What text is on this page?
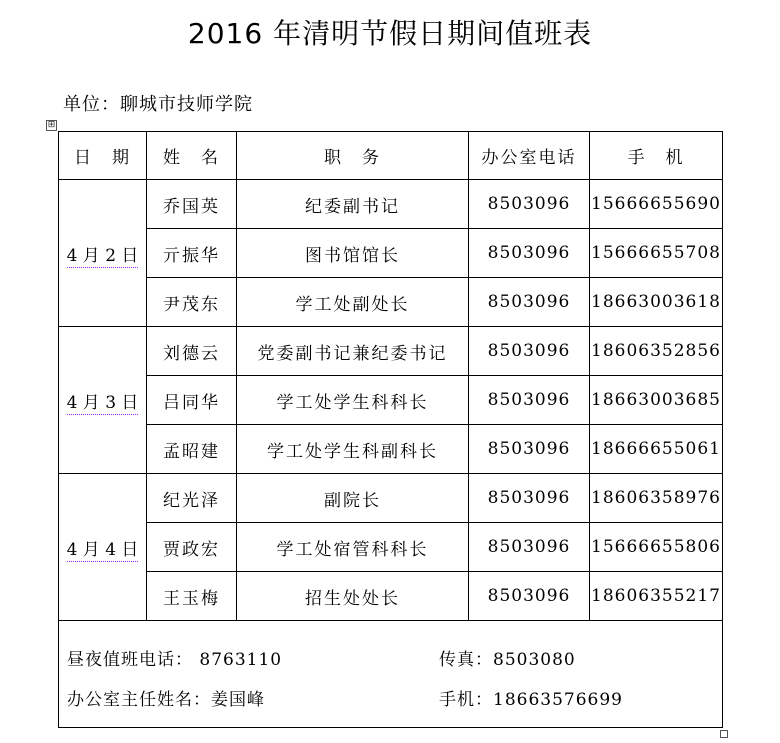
2016 年清明节假日期间值班表
单位：聊城市技师学院
⊞
日　期	姓　名	职　务	办公室电话	手　机
4 月 2 日	乔国英	纪委副书记	8503096	15666655690
	亓振华	图书馆馆长	8503096	15666655708
	尹茂东	学工处副处长	8503096	18663003618
4 月 3 日	刘德云	党委副书记兼纪委书记	8503096	18606352856
	吕同华	学工处学生科科长	8503096	18663003685
	孟昭建	学工处学生科副科长	8503096	18666655061
4 月 4 日	纪光泽	副院长	8503096	18606358976
	贾政宏	学工处宿管科科长	8503096	15666655806
	王玉梅	招生处处长	8503096	18606355217

昼夜值班电话： 8763110 传真：8503080
办公室主任姓名：姜国峰 手机：18663576699				
